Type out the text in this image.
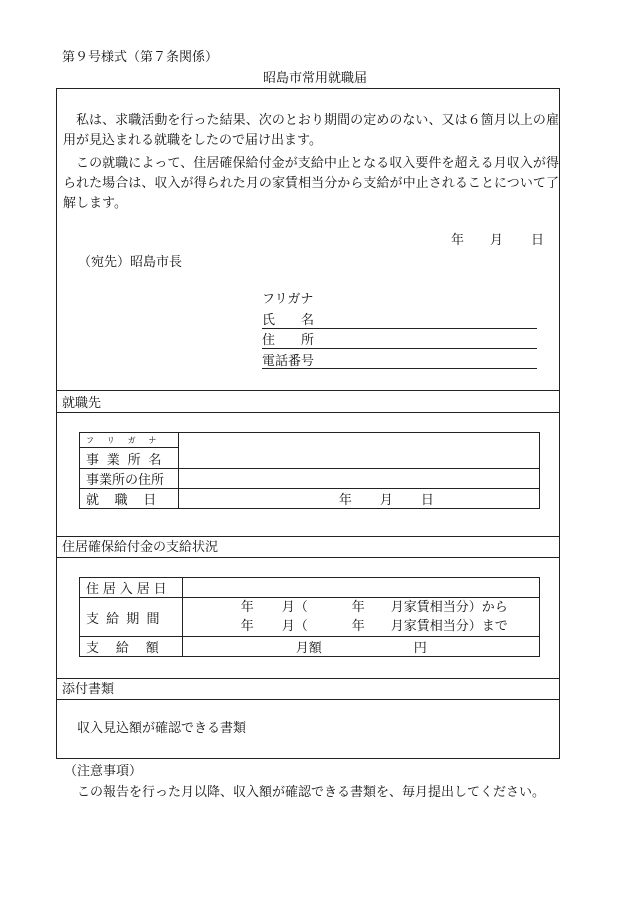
第９号様式（第７条関係）
昭島市常用就職届
私は、求職活動を行った結果、次のとおり期間の定めのない、又は６箇月以上の雇用が見込まれる就職をしたので届け出ます。
この就職によって、住居確保給付金が支給中止となる収入要件を超える月収入が得られた場合は、収入が得られた月の家賃相当分から支給が中止されることについて了解します。
年 月 日
（宛先）昭島市長
フリガナ
氏　　名
住　　所
電話番号
就職先
フ　リ　ガ　ナ	
事業所名	
事業所の住所	
就職日	年 月 日
住居確保給付金の支給状況
住居入居日	
支給期間	年 月（ 年 月家賃相当分）から
年 月（ 年 月家賃相当分）まで

支給額	月額 円
添付書類
収入見込額が確認できる書類
（注意事項）
この報告を行った月以降、収入額が確認できる書類を、毎月提出してください。
